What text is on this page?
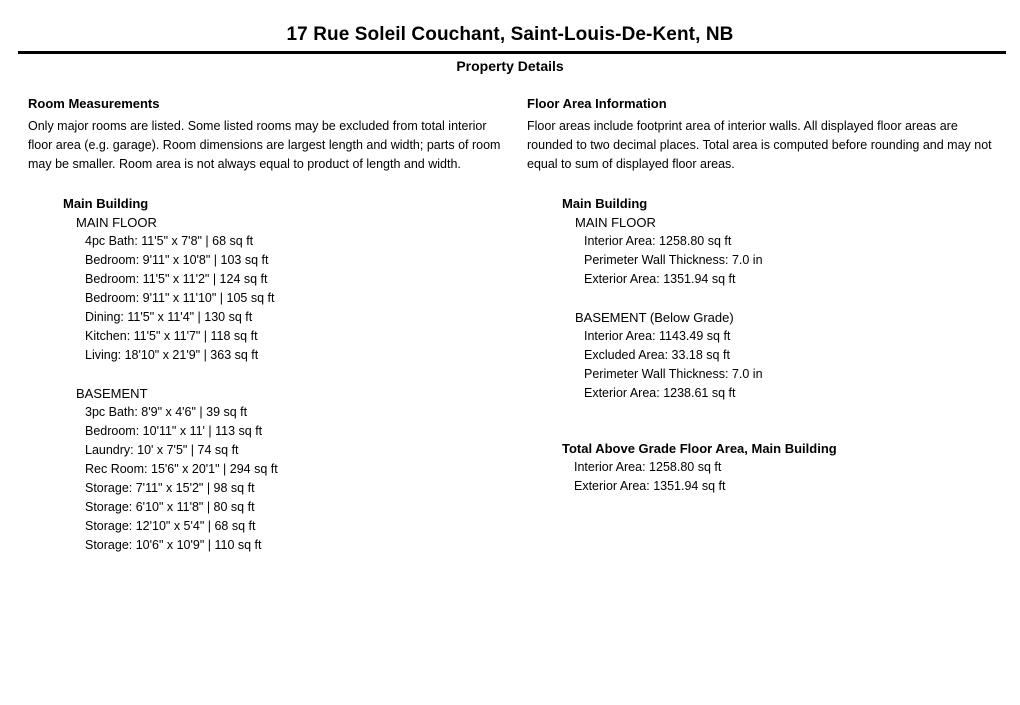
17 Rue Soleil Couchant, Saint-Louis-De-Kent, NB
Property Details
Room Measurements

Only major rooms are listed. Some listed rooms may be excluded from total interior floor area (e.g. garage). Room dimensions are largest length and width; parts of room may be smaller. Room area is not always equal to product of length and width.

Main Building
MAIN FLOOR
4pc Bath: 11'5" x 7'8" | 68 sq ft
Bedroom: 9'11" x 10'8" | 103 sq ft
Bedroom: 11'5" x 11'2" | 124 sq ft
Bedroom: 9'11" x 11'10" | 105 sq ft
Dining: 11'5" x 11'4" | 130 sq ft
Kitchen: 11'5" x 11'7" | 118 sq ft
Living: 18'10" x 21'9" | 363 sq ft
BASEMENT
3pc Bath: 8'9" x 4'6" | 39 sq ft
Bedroom: 10'11" x 11' | 113 sq ft
Laundry: 10' x 7'5" | 74 sq ft
Rec Room: 15'6" x 20'1" | 294 sq ft
Storage: 7'11" x 15'2" | 98 sq ft
Storage: 6'10" x 11'8" | 80 sq ft
Storage: 12'10" x 5'4" | 68 sq ft
Storage: 10'6" x 10'9" | 110 sq ft
Floor Area Information

Floor areas include footprint area of interior walls. All displayed floor areas are rounded to two decimal places. Total area is computed before rounding and may not equal to sum of displayed floor areas.

Main Building
MAIN FLOOR
Interior Area: 1258.80 sq ft
Perimeter Wall Thickness: 7.0 in
Exterior Area: 1351.94 sq ft
BASEMENT (Below Grade)
Interior Area: 1143.49 sq ft
Excluded Area: 33.18 sq ft
Perimeter Wall Thickness: 7.0 in
Exterior Area: 1238.61 sq ft
Total Above Grade Floor Area, Main Building
Interior Area: 1258.80 sq ft
Exterior Area: 1351.94 sq ft
